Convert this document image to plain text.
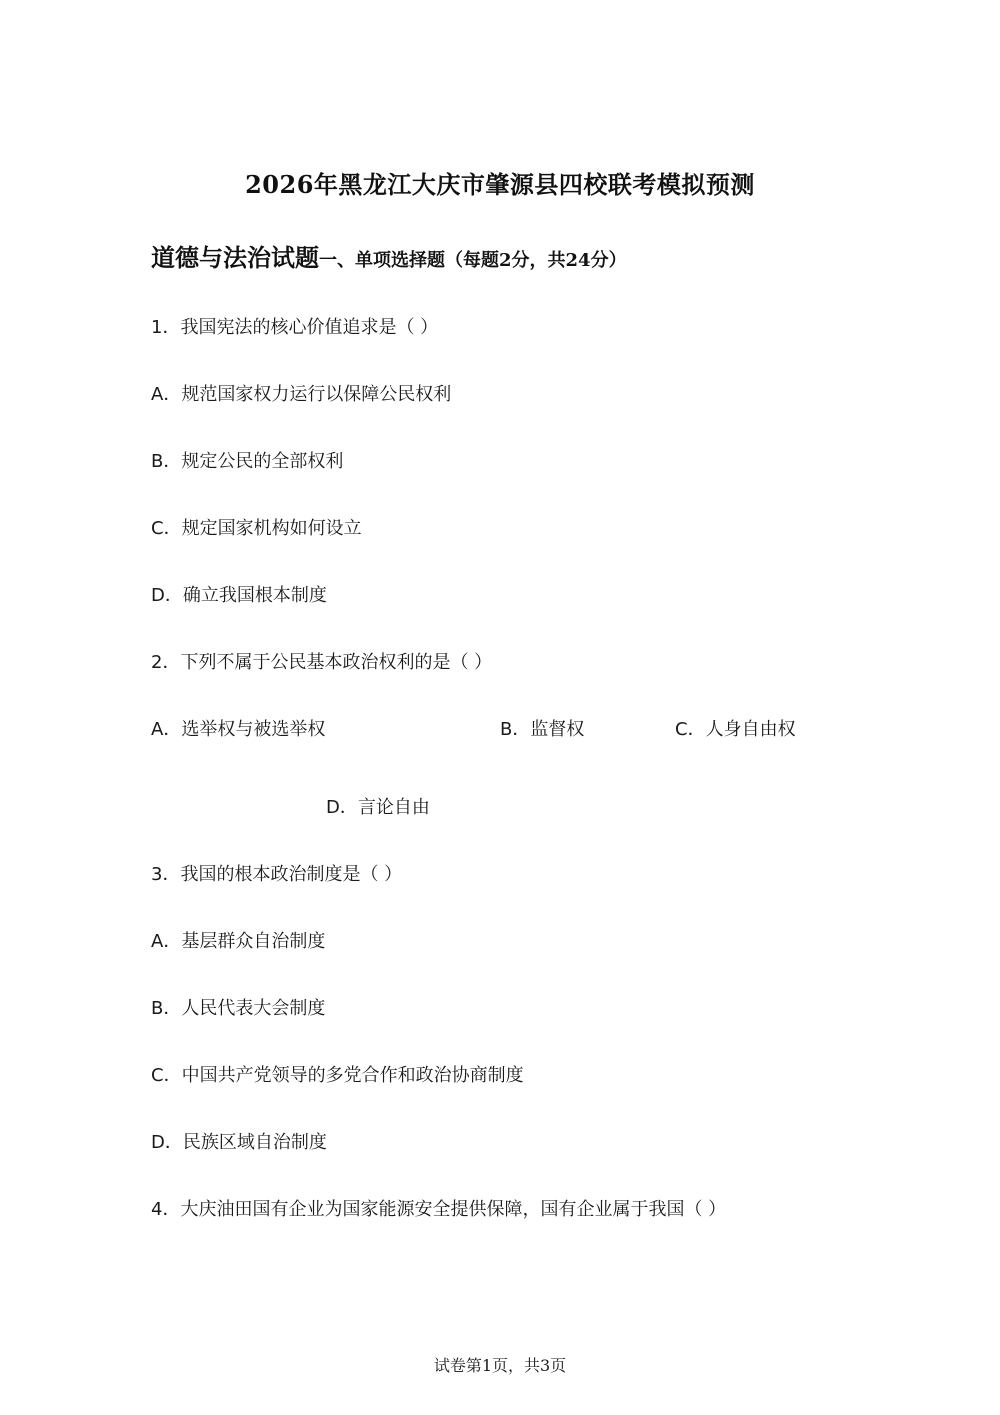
2026年黑龙江大庆市肇源县四校联考模拟预测
道德与法治试题一、单项选择题（每题2分，共24分）
1．我国宪法的核心价值追求是（ ）
A．规范国家权力运行以保障公民权利
B．规定公民的全部权利
C．规定国家机构如何设立
D．确立我国根本制度
2．下列不属于公民基本政治权利的是（ ）
A．选举权与被选举权	B．监督权	C．人身自由权
D．言论自由
3．我国的根本政治制度是（ ）
A．基层群众自治制度
B．人民代表大会制度
C．中国共产党领导的多党合作和政治协商制度
D．民族区域自治制度
4．大庆油田国有企业为国家能源安全提供保障，国有企业属于我国（ ）
试卷第1页，共3页
